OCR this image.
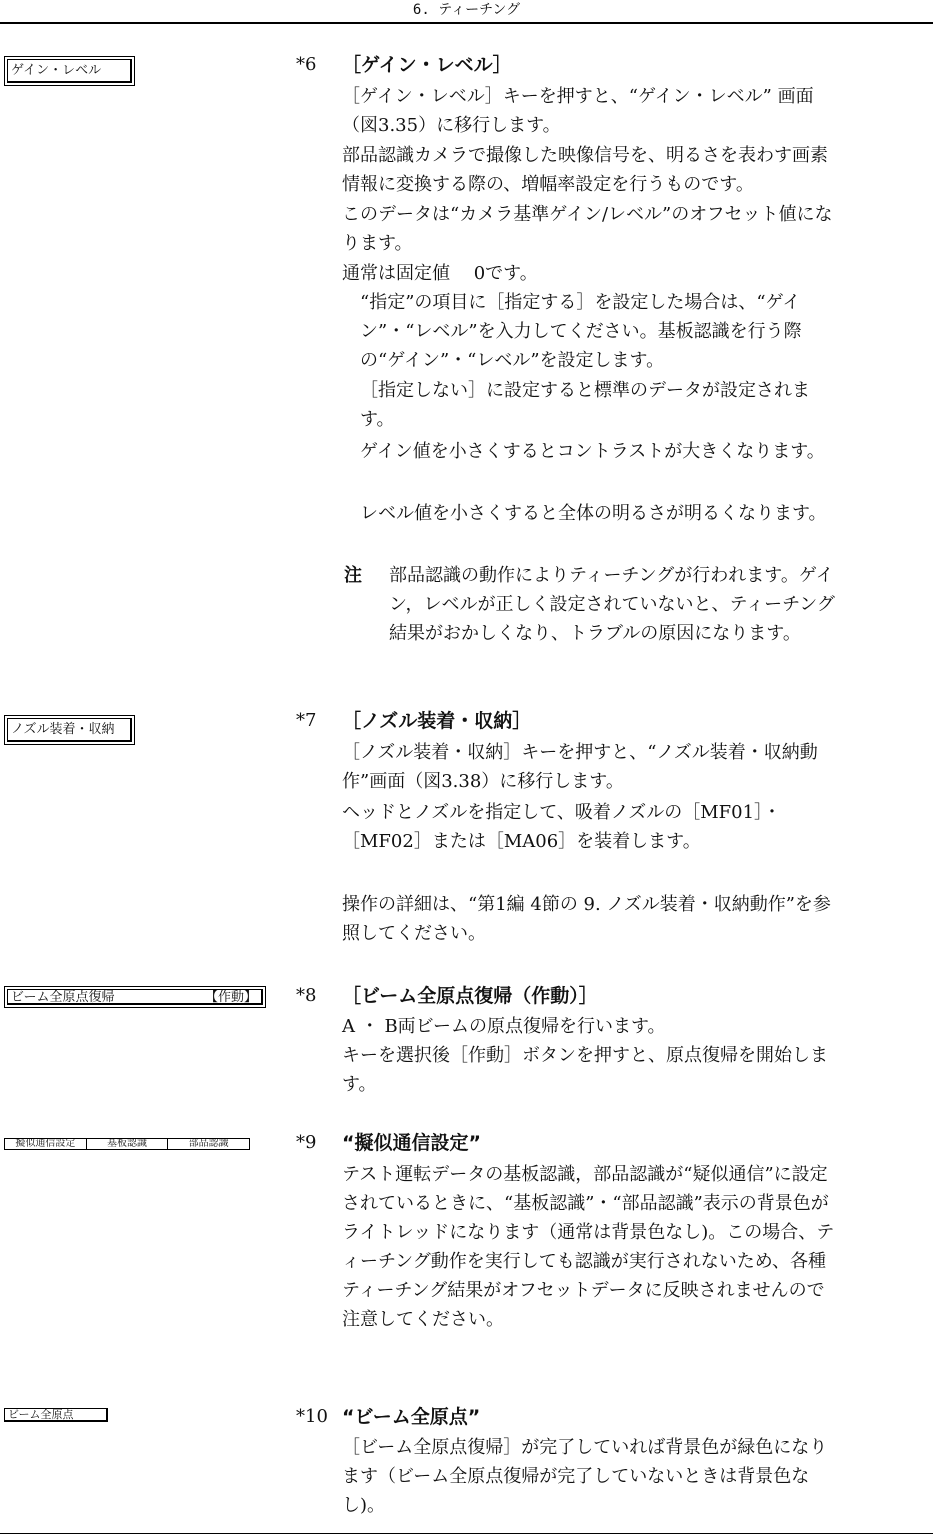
6. ティーチング
ゲイン・レベル
ノズル装着・収納
ビーム全原点復帰	【作動】
擬似通信設定	基板認識	部品認識
ビーム全原点
*6 ［ゲイン・レベル］
［ゲイン・レベル］キーを押すと、“ゲイン・レベル” 画面（図3.35）に移行します。
部品認識カメラで撮像した映像信号を、明るさを表わす画素情報に変換する際の、増幅率設定を行うものです。
このデータは“カメラ基準ゲイン/レベル”のオフセット値になります。
通常は固定値　 0です。
“指定”の項目に［指定する］を設定した場合は、“ゲイン”・“レベル”を入力してください。基板認識を行う際の“ゲイン”・“レベル”を設定します。
［指定しない］に設定すると標準のデータが設定されます。
ゲイン値を小さくするとコントラストが大きくなります。
レベル値を小さくすると全体の明るさが明るくなります。
注 部品認識の動作によりティーチングが行われます。ゲイン，レベルが正しく設定されていないと、ティーチング結果がおかしくなり、トラブルの原因になります。
*7 ［ノズル装着・収納］
［ノズル装着・収納］キーを押すと、“ノズル装着・収納動作”画面（図3.38）に移行します。
ヘッドとノズルを指定して、吸着ノズルの［MF01］・［MF02］または［MA06］を装着します。
操作の詳細は、“第1編 4節の 9. ノズル装着・収納動作”を参照してください。
*8 ［ビーム全原点復帰（作動）］
A ・ B両ビームの原点復帰を行います。
キーを選択後［作動］ボタンを押すと、原点復帰を開始します。
*9 “擬似通信設定”
テスト運転データの基板認識，部品認識が“疑似通信”に設定されているときに、“基板認識”・“部品認識”表示の背景色がライトレッドになります（通常は背景色なし)。この場合、ティーチング動作を実行しても認識が実行されないため、各種ティーチング結果がオフセットデータに反映されませんので注意してください。
*10 “ビーム全原点”
［ビーム全原点復帰］が完了していれば背景色が緑色になります（ビーム全原点復帰が完了していないときは背景色なし)。
